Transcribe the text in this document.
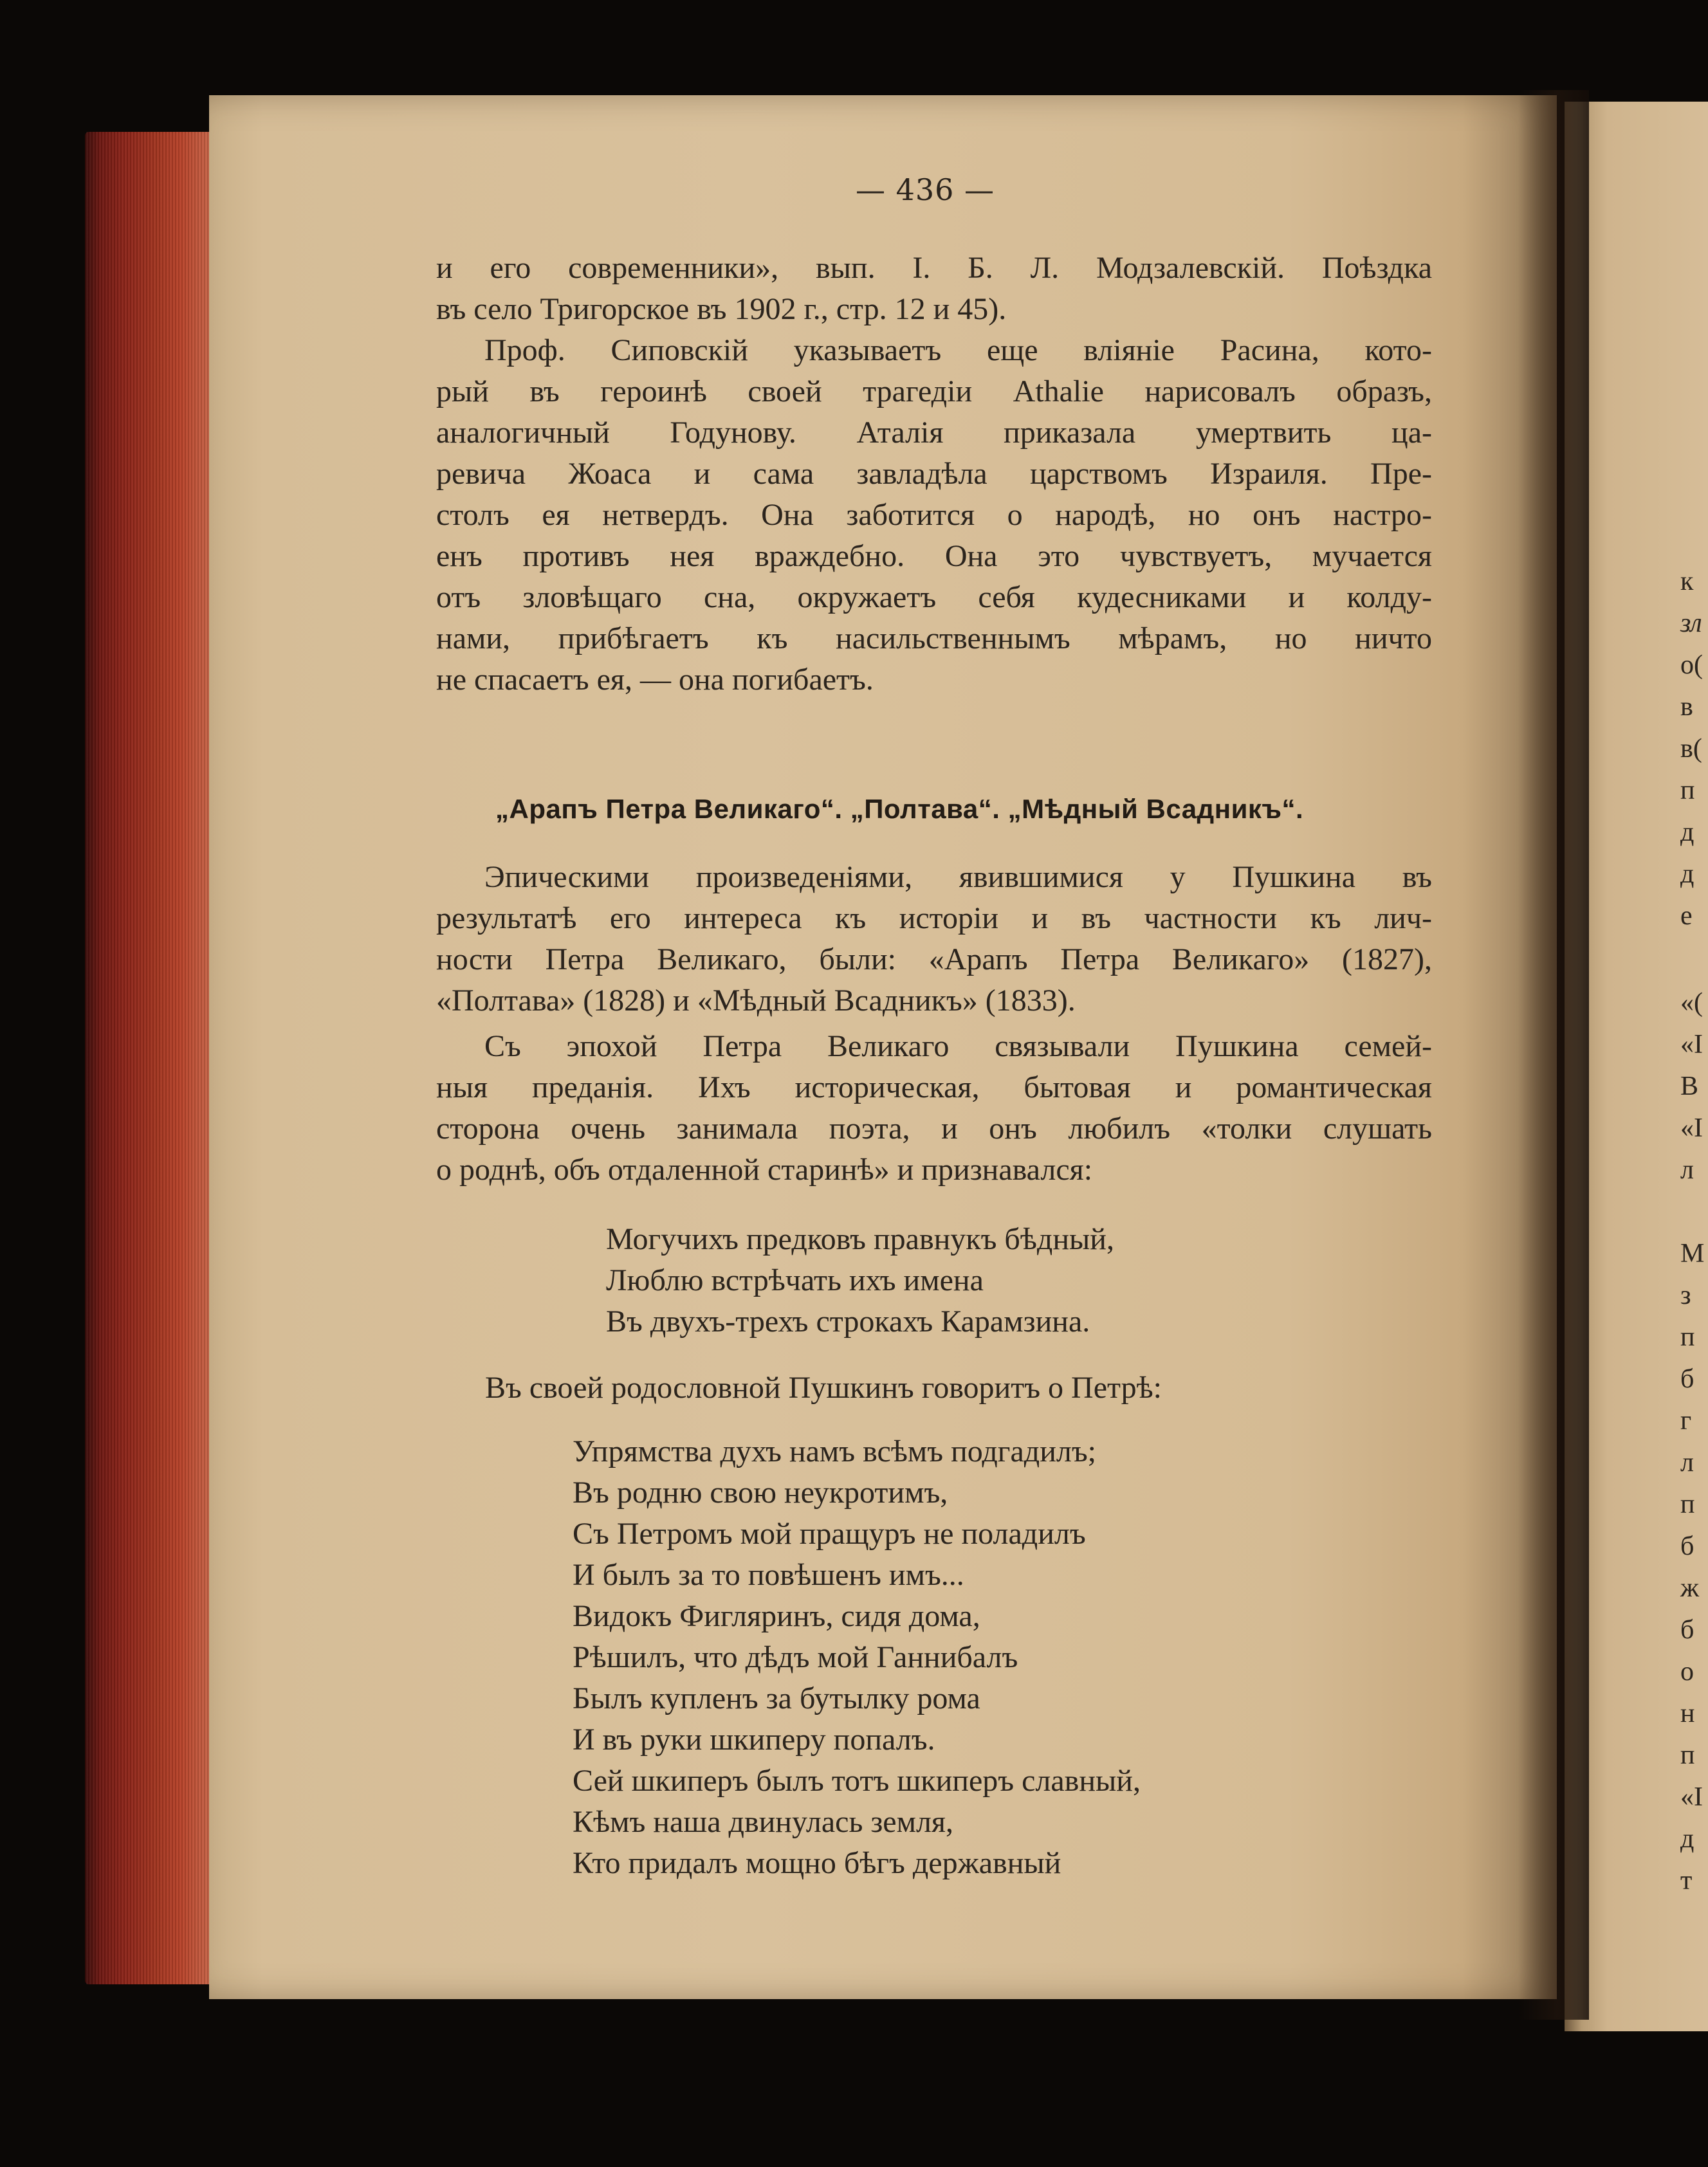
— 436 —
и его современники», вып. I. Б. Л. Модзалевскій. Поѣздка
въ село Тригорское въ 1902 г., стр. 12 и 45).
Проф. Сиповскій указываетъ еще вліяніе Расина, кото-
рый въ героинѣ своей трагедіи Athalie нарисовалъ образъ,
аналогичный Годунову. Аталія приказала умертвить ца-
ревича Жоаса и сама завладѣла царствомъ Израиля. Пре-
столъ ея нетвердъ. Она заботится о народѣ, но онъ настро-
енъ противъ нея враждебно. Она это чувствуетъ, мучается
отъ зловѣщаго сна, окружаетъ себя кудесниками и колду-
нами, прибѣгаетъ къ насильственнымъ мѣрамъ, но ничто
не спасаетъ ея, — она погибаетъ.
„Арапъ Петра Великаго“. „Полтава“. „Мѣдный Всадникъ“.
Эпическими произведеніями, явившимися у Пушкина въ
результатѣ его интереса къ исторіи и въ частности къ лич-
ности Петра Великаго, были: «Арапъ Петра Великаго» (1827),
«Полтава» (1828) и «Мѣдный Всадникъ» (1833).
Съ эпохой Петра Великаго связывали Пушкина семей-
ныя преданія. Ихъ историческая, бытовая и романтическая
сторона очень занимала поэта, и онъ любилъ «толки слушать
о роднѣ, объ отдаленной старинѣ» и признавался:
Могучихъ предковъ правнукъ бѣдный,
Люблю встрѣчать ихъ имена
Въ двухъ-трехъ строкахъ Карамзина.
Въ своей родословной Пушкинъ говоритъ о Петрѣ:
Упрямства духъ намъ всѣмъ подгадилъ;
Въ родню свою неукротимъ,
Съ Петромъ мой пращуръ не поладилъ
И былъ за то повѣшенъ имъ...
Видокъ Фигляринъ, сидя дома,
Рѣшилъ, что дѣдъ мой Ганнибалъ
Былъ купленъ за бутылку рома
И въ руки шкиперу попалъ.
Сей шкиперъ былъ тотъ шкиперъ славный,
Кѣмъ наша двинулась земля,
Кто придалъ мощно бѣгъ державный
к
зл
о(
в
в(
п
д
д
е
«(
«I
В
«I
л
М
з
п
б
г
л
п
б
ж
б
о
н
п
«I
д
т
